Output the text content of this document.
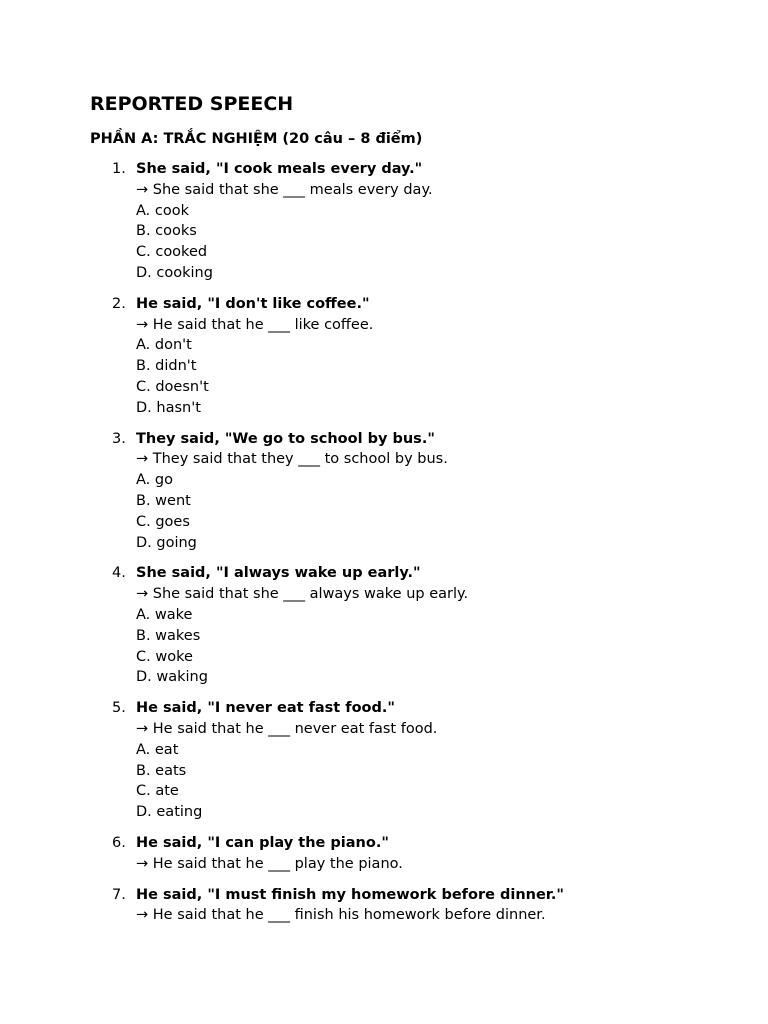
REPORTED SPEECH
PHẦN A: TRẮC NGHIỆM (20 câu – 8 điểm)
1. She said, "I cook meals every day."
→ She said that she ___ meals every day.
A. cook
B. cooks
C. cooked
D. cooking
2. He said, "I don't like coffee."
→ He said that he ___ like coffee.
A. don't
B. didn't
C. doesn't
D. hasn't
3. They said, "We go to school by bus."
→ They said that they ___ to school by bus.
A. go
B. went
C. goes
D. going
4. She said, "I always wake up early."
→ She said that she ___ always wake up early.
A. wake
B. wakes
C. woke
D. waking
5. He said, "I never eat fast food."
→ He said that he ___ never eat fast food.
A. eat
B. eats
C. ate
D. eating
6. He said, "I can play the piano."
→ He said that he ___ play the piano.
7. He said, "I must finish my homework before dinner."
→ He said that he ___ finish his homework before dinner.
